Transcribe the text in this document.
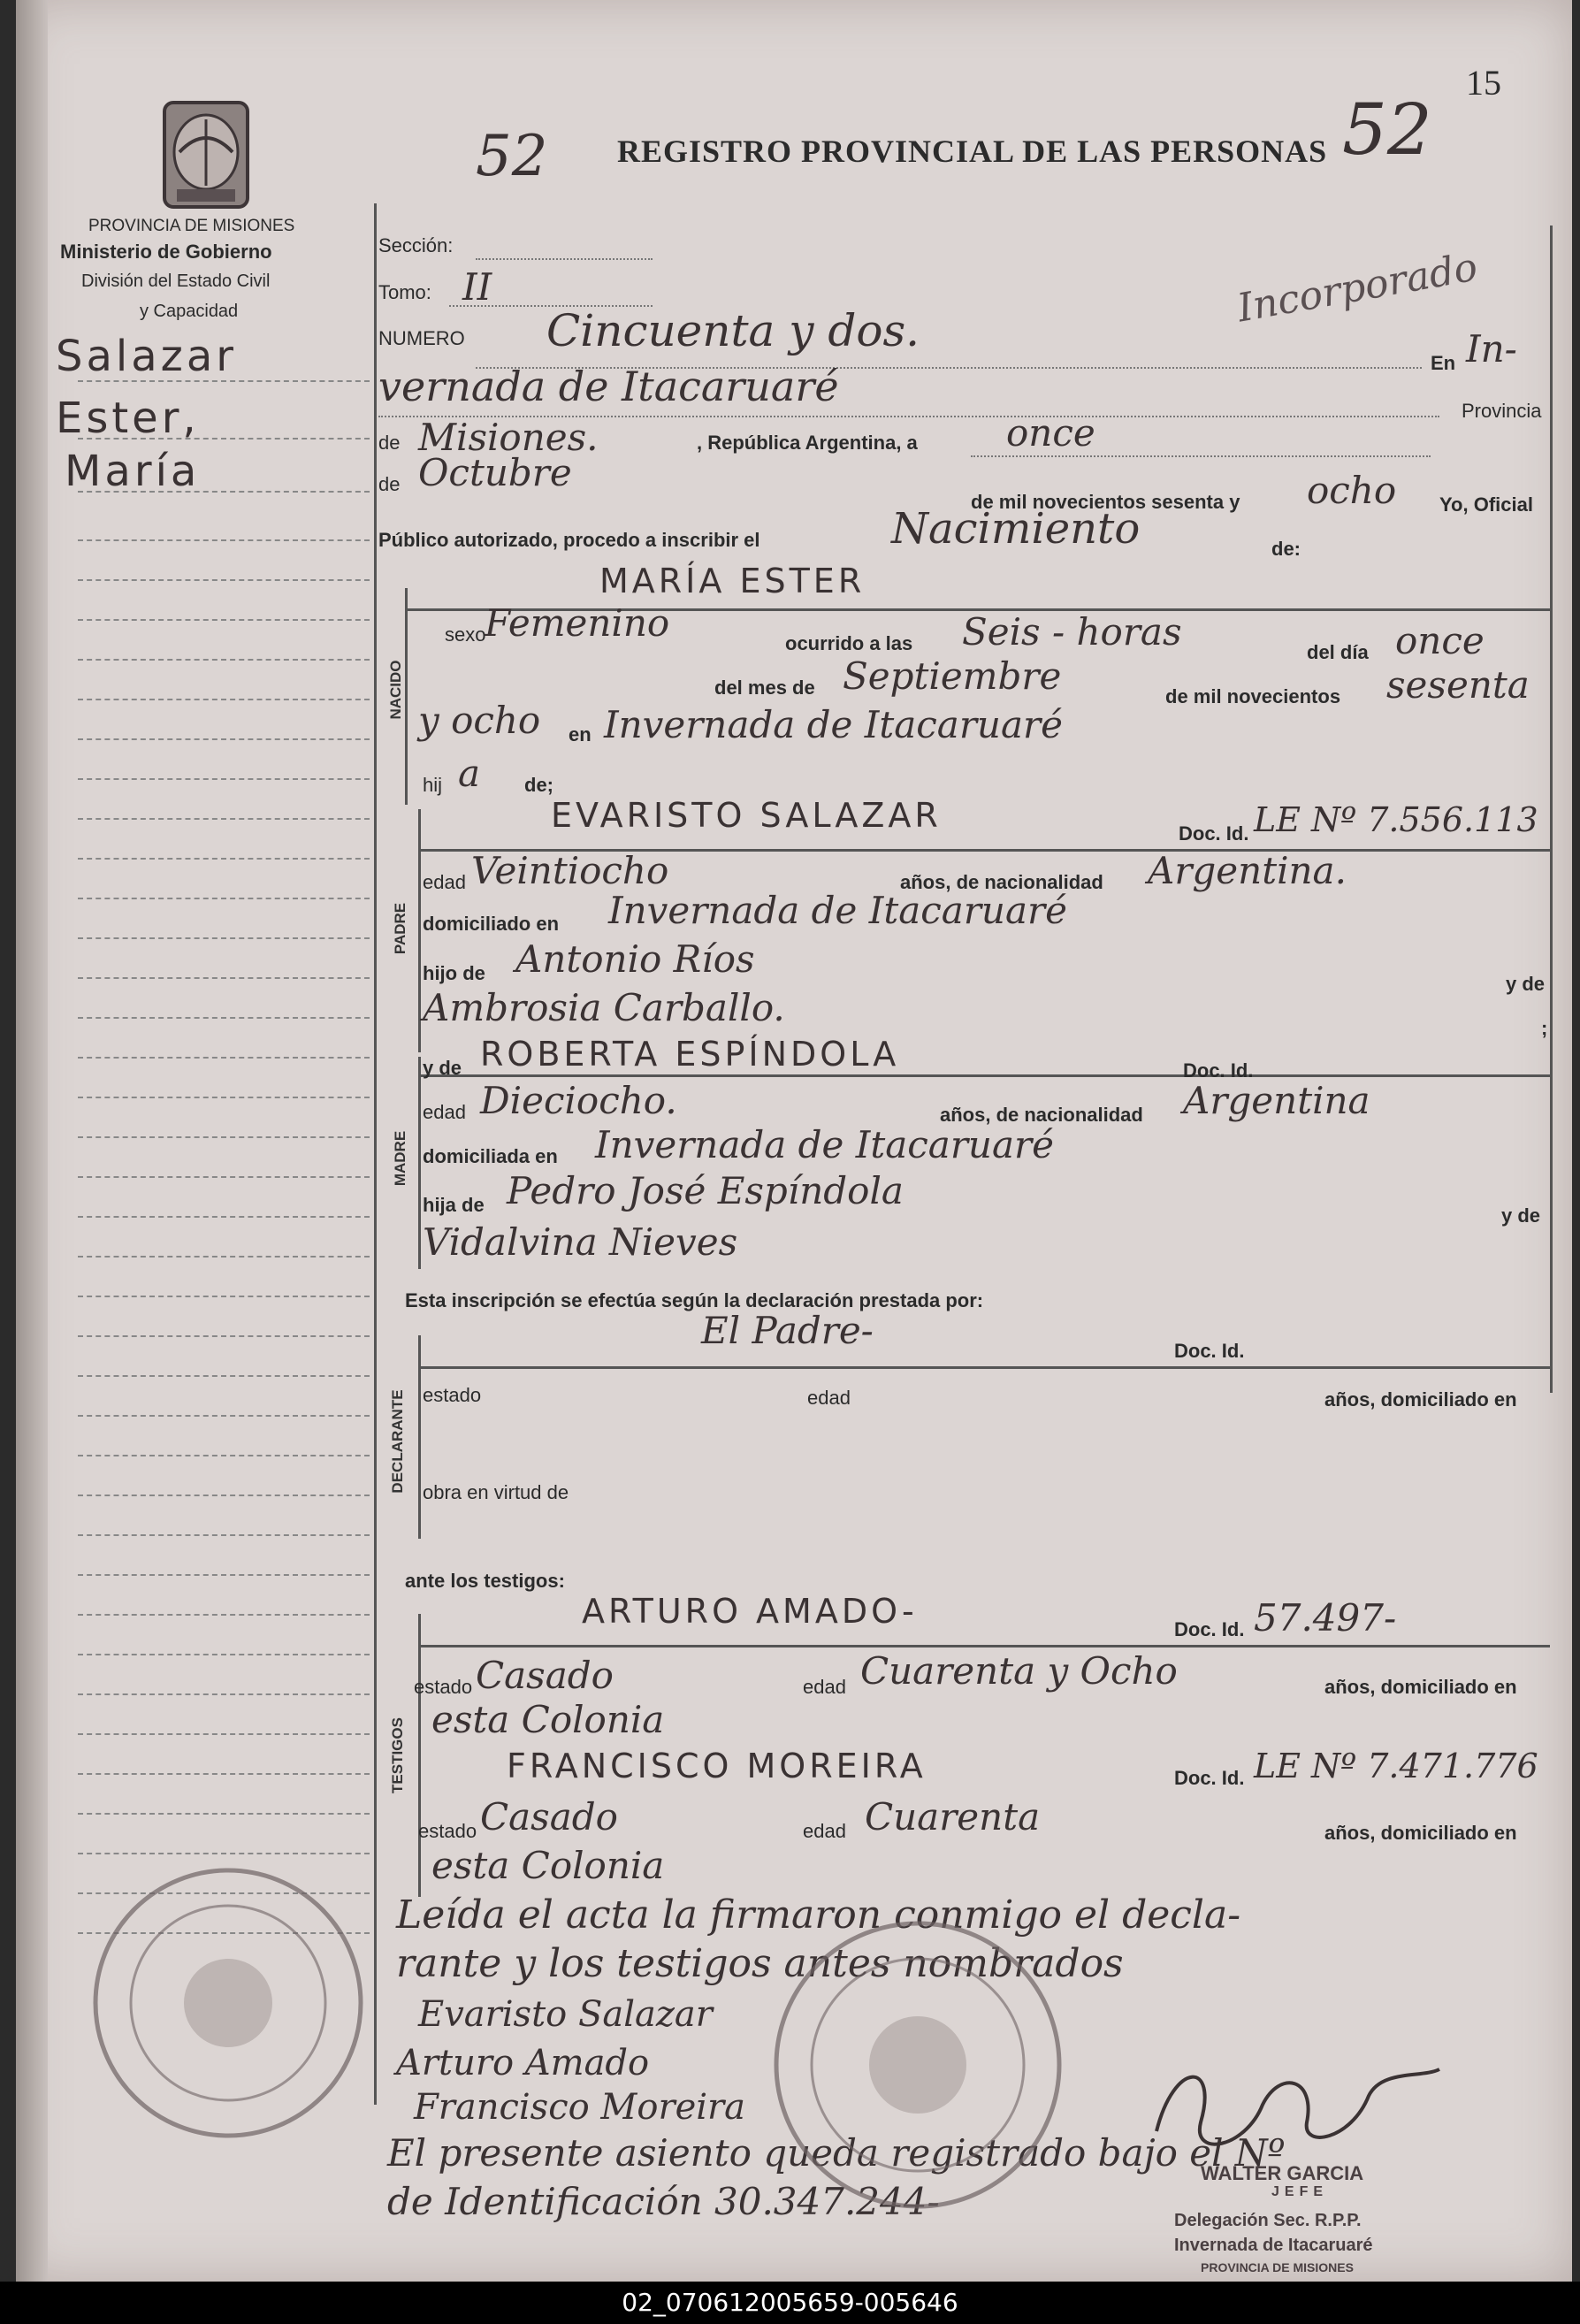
15
REGISTRO PROVINCIAL DE LAS PERSONAS
52	52
Incorporado
PROVINCIA DE MISIONES
Ministerio de Gobierno
División del Estado Civil
y Capacidad
Salazar
Ester,
María
Sección:
Tomo: II
NUMERO Cincuenta y dos.
En In-
vernada de Itacaruaré
Provincia
de Misiones.	, República Argentina, a once
de Octubre
de mil novecientos sesenta y ocho Yo, Oficial
Público autorizado, procedo a inscribir el	Nacimiento	de:
MARÍA ESTER
NACIDO
sexo
Femenino	ocurrido a las Seis - horas	del día once
del mes de Septiembre	de mil novecientos sesenta
y ocho en Invernada de Itacaruaré
hij a de;
PADRE
EVARISTO SALAZAR	Doc. Id. LE Nº 7.556.113
edad Veintiocho	años, de nacionalidad Argentina.
domiciliado en Invernada de Itacaruaré
hijo de Antonio Ríos
y de
Ambrosia Carballo.	;
MADRE
y de ROBERTA ESPÍNDOLA	Doc. Id.
edad Dieciocho.	años, de nacionalidad Argentina
domiciliada en Invernada de Itacaruaré
hija de Pedro José Espíndola
y de
Vidalvina Nieves
Esta inscripción se efectúa según la declaración prestada por:
El Padre-	Doc. Id.
DECLARANTE estado	edad	años, domiciliado en
obra en virtud de
ante los testigos:
ARTURO AMADO-	Doc. Id. 57.497-
TESTIGOS
estado Casado	edad Cuarenta y Ocho	años, domiciliado en
esta Colonia
FRANCISCO MOREIRA	Doc. Id. LE Nº 7.471.776
estado Casado	edad Cuarenta	años, domiciliado en
esta Colonia
Leída el acta la firmaron conmigo el decla-
rante y los testigos antes nombrados
Evaristo Salazar
Arturo Amado
Francisco Moreira
El presente asiento queda registrado bajo el Nº
de Identificación 30.347.244-
WALTER GARCIA
JEFE
Delegación Sec. R.P.P.
Invernada de Itacaruaré
PROVINCIA DE MISIONES
02_070612005659-005646
